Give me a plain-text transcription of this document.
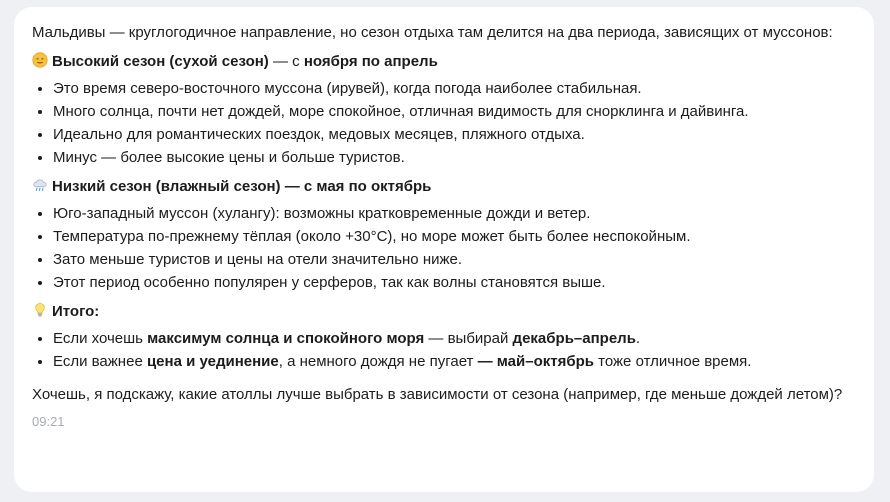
Мальдивы — круглогодичное направление, но сезон отдыха там делится на два периода, зависящих от муссонов:

Высокий сезон (сухой сезон) — с ноября по апрель
• Это время северо-восточного муссона (ирувей), когда погода наиболее стабильная.
• Много солнца, почти нет дождей, море спокойное, отличная видимость для снорклинга и дайвинга.
• Идеально для романтических поездок, медовых месяцев, пляжного отдыха.
• Минус — более высокие цены и больше туристов.
Низкий сезон (влажный сезон) — с мая по октябрь
• Юго-западный муссон (хулангу): возможны кратковременные дожди и ветер.
• Температура по-прежнему тёплая (около +30°C), но море может быть более неспокойным.
• Зато меньше туристов и цены на отели значительно ниже.
• Этот период особенно популярен у серферов, так как волны становятся выше.
Итого:
• Если хочешь максимум солнца и спокойного моря — выбирай декабрь–апрель.
• Если важнее цена и уединение, а немного дождя не пугает — май–октябрь тоже отличное время.

Хочешь, я подскажу, какие атоллы лучше выбрать в зависимости от сезона (например, где меньше дождей летом)?

09:21
